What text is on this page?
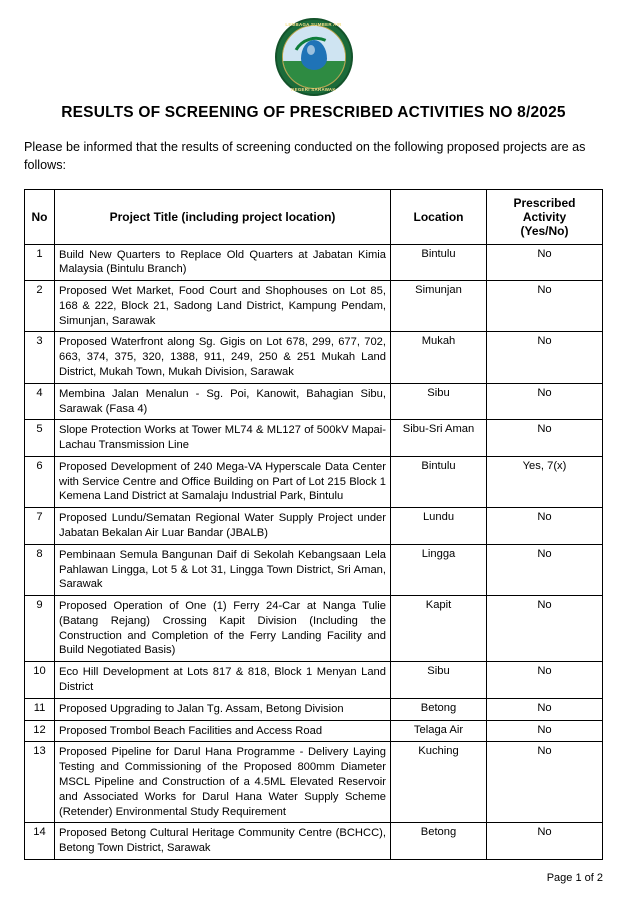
LEMBAGA SUMBER AIR
NEGERI SARAWAK
RESULTS OF SCREENING OF PRESCRIBED ACTIVITIES NO 8/2025

Please be informed that the results of screening conducted on the following proposed projects are as follows:

No	Project Title (including project location)	Location	Prescribed Activity
(Yes/No)

1	Build New Quarters to Replace Old Quarters at Jabatan Kimia Malaysia (Bintulu Branch)	Bintulu	No
2	Proposed Wet Market, Food Court and Shophouses on Lot 85, 168 & 222, Block 21, Sadong Land District, Kampung Pendam, Simunjan, Sarawak	Simunjan	No
3	Proposed Waterfront along Sg. Gigis on Lot 678, 299, 677, 702, 663, 374, 375, 320, 1388, 911, 249, 250 & 251 Mukah Land District, Mukah Town, Mukah Division, Sarawak	Mukah	No
4	Membina Jalan Menalun - Sg. Poi, Kanowit, Bahagian Sibu, Sarawak (Fasa 4)	Sibu	No
5	Slope Protection Works at Tower ML74 & ML127 of 500kV Mapai-Lachau Transmission Line	Sibu-Sri Aman	No
6	Proposed Development of 240 Mega-VA Hyperscale Data Center with Service Centre and Office Building on Part of Lot 215 Block 1 Kemena Land District at Samalaju Industrial Park, Bintulu	Bintulu	Yes, 7(x)
7	Proposed Lundu/Sematan Regional Water Supply Project under Jabatan Bekalan Air Luar Bandar (JBALB)	Lundu	No
8	Pembinaan Semula Bangunan Daif di Sekolah Kebangsaan Lela Pahlawan Lingga, Lot 5 & Lot 31, Lingga Town District, Sri Aman, Sarawak	Lingga	No
9	Proposed Operation of One (1) Ferry 24-Car at Nanga Tulie (Batang Rejang) Crossing Kapit Division (Including the Construction and Completion of the Ferry Landing Facility and Build Negotiated Basis)	Kapit	No
10	Eco Hill Development at Lots 817 & 818, Block 1 Menyan Land District	Sibu	No
11	Proposed Upgrading to Jalan Tg. Assam, Betong Division	Betong	No
12	Proposed Trombol Beach Facilities and Access Road	Telaga Air	No
13	Proposed Pipeline for Darul Hana Programme - Delivery Laying Testing and Commissioning of the Proposed 800mm Diameter MSCL Pipeline and Construction of a 4.5ML Elevated Reservoir and Associated Works for Darul Hana Water Supply Scheme (Retender) Environmental Study Requirement	Kuching	No
14	Proposed Betong Cultural Heritage Community Centre (BCHCC), Betong Town District, Sarawak	Betong	No
Page 1 of 2
